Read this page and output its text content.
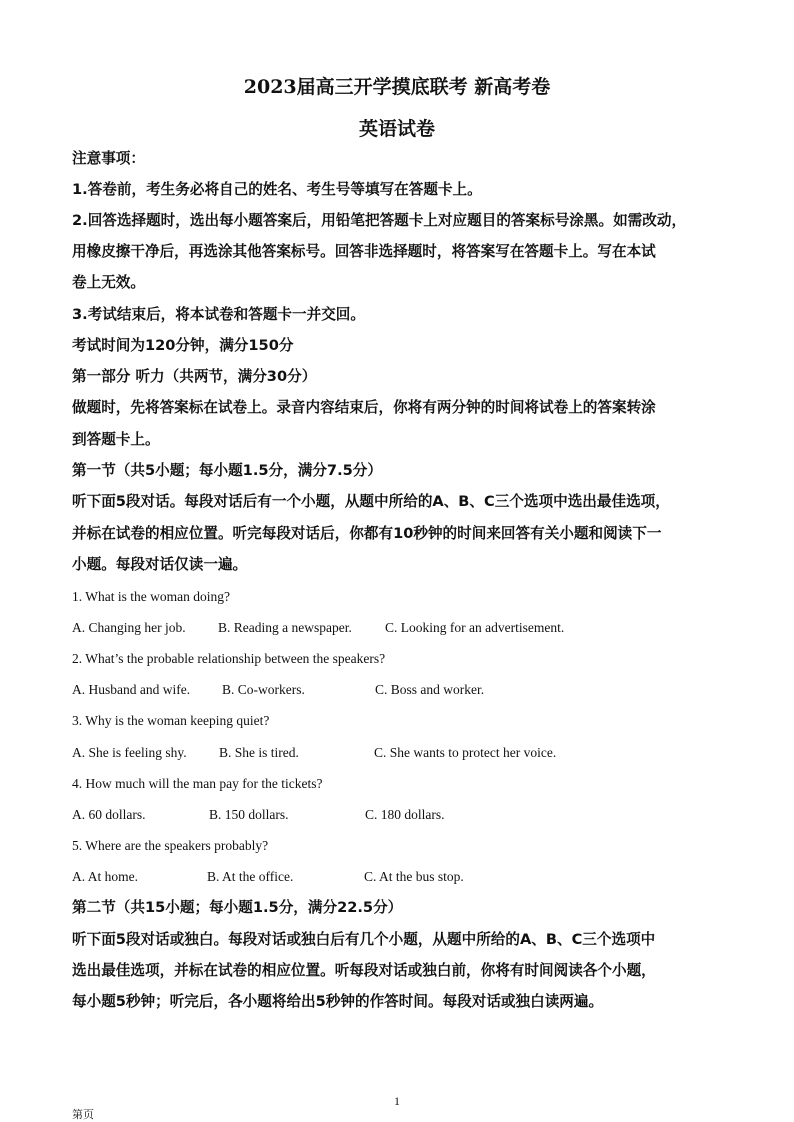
2023届高三开学摸底联考 新高考卷
英语试卷
注意事项：
1.答卷前，考生务必将自己的姓名、考生号等填写在答题卡上。
2.回答选择题时，选出每小题答案后，用铅笔把答题卡上对应题目的答案标号涂黑。如需改动，
用橡皮擦干净后，再选涂其他答案标号。回答非选择题时，将答案写在答题卡上。写在本试
卷上无效。
3.考试结束后，将本试卷和答题卡一并交回。
考试时间为120分钟，满分150分
第一部分 听力（共两节，满分30分）
做题时，先将答案标在试卷上。录音内容结束后，你将有两分钟的时间将试卷上的答案转涂
到答题卡上。
第一节（共5小题；每小题1.5分，满分7.5分）
听下面5段对话。每段对话后有一个小题，从题中所给的A、B、C三个选项中选出最佳选项，
并标在试卷的相应位置。听完每段对话后，你都有10秒钟的时间来回答有关小题和阅读下一
小题。每段对话仅读一遍。
1. What is the woman doing?
A. Changing her job. B. Reading a newspaper. C. Looking for an advertisement.
2. What’s the probable relationship between the speakers?
A. Husband and wife. B. Co-workers.	C. Boss and worker.
3. Why is the woman keeping quiet?
A. She is feeling shy. B. She is tired.	C. She wants to protect her voice.
4. How much will the man pay for the tickets?
A. 60 dollars.	B. 150 dollars.	C. 180 dollars.
5. Where are the speakers probably?
A. At home.	B. At the office.	C. At the bus stop.
第二节（共15小题；每小题1.5分，满分22.5分）
听下面5段对话或独白。每段对话或独白后有几个小题，从题中所给的A、B、C三个选项中
选出最佳选项，并标在试卷的相应位置。听每段对话或独白前，你将有时间阅读各个小题，
每小题5秒钟；听完后，各小题将给出5秒钟的作答时间。每段对话或独白读两遍。
1
第页
